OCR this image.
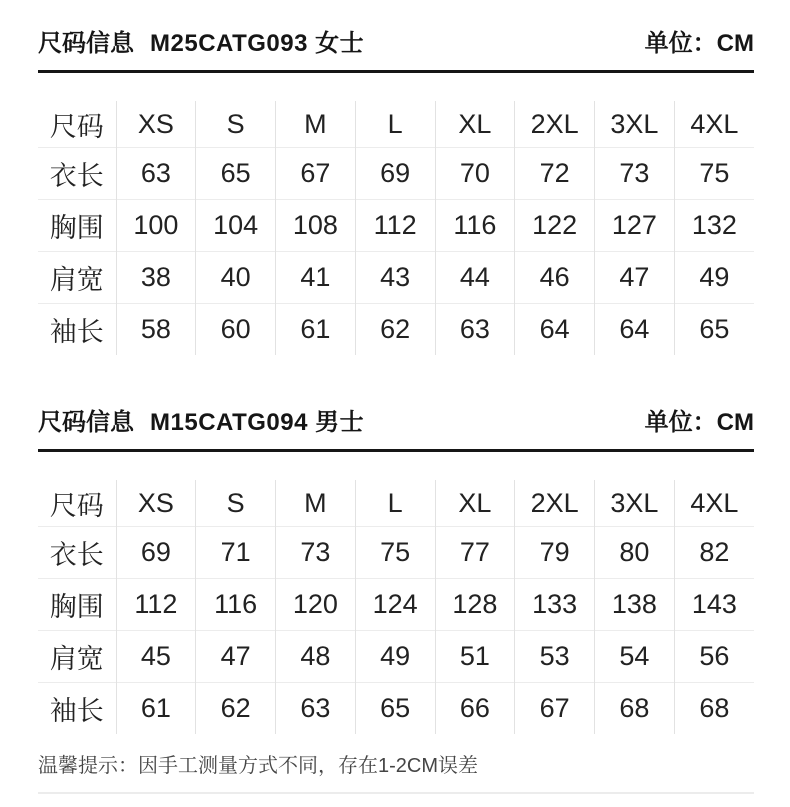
尺码信息 M25CATG093 女士	单位：CM
尺码	XS	S	M	L	XL	2XL	3XL	4XL
衣长	63	65	67	69	70	72	73	75
胸围	100	104	108	112	116	122	127	132
肩宽	38	40	41	43	44	46	47	49
袖长	58	60	61	62	63	64	64	65
尺码信息 M15CATG094 男士	单位：CM
尺码	XS	S	M	L	XL	2XL	3XL	4XL
衣长	69	71	73	75	77	79	80	82
胸围	112	116	120	124	128	133	138	143
肩宽	45	47	48	49	51	53	54	56
袖长	61	62	63	65	66	67	68	68
温馨提示：因手工测量方式不同，存在1-2CM误差
